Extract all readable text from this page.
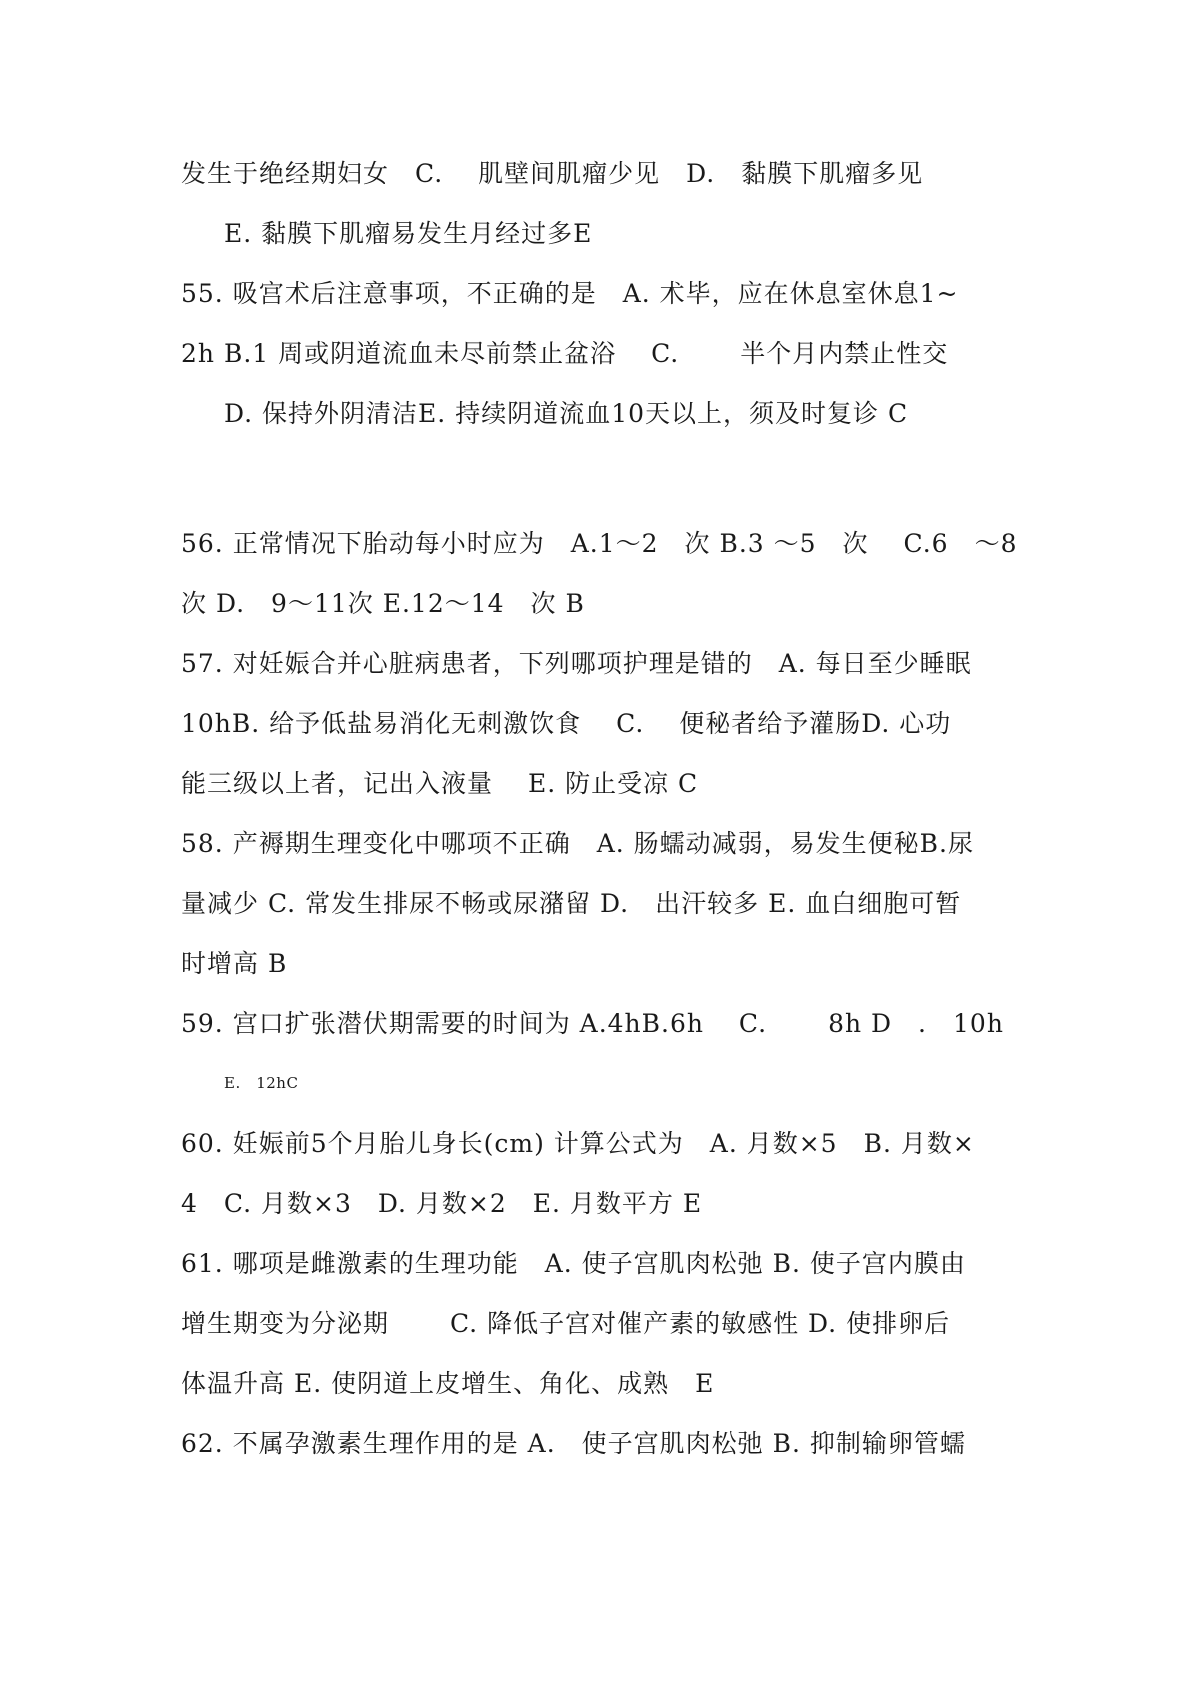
发生于绝经期妇女　C.　 肌壁间肌瘤少见　D.　黏膜下肌瘤多见
E. 黏膜下肌瘤易发生月经过多E
55. 吸宫术后注意事项，不正确的是　A. 术毕，应在休息室休息1~
2h B.1 周或阴道流血未尽前禁止盆浴　 C.　　 半个月内禁止性交
D. 保持外阴清洁E. 持续阴道流血10天以上，须及时复诊 C
56. 正常情况下胎动每小时应为　A.1～2　次 B.3 ～5　次　 C.6　～8
次 D.　9～11次 E.12～14　次 B
57. 对妊娠合并心脏病患者，下列哪项护理是错的　A. 每日至少睡眠
10hB. 给予低盐易消化无刺激饮食　 C.　 便秘者给予灌肠D. 心功
能三级以上者，记出入液量　 E. 防止受凉 C
58. 产褥期生理变化中哪项不正确　A. 肠蠕动减弱，易发生便秘B.尿
量减少 C. 常发生排尿不畅或尿潴留 D.　出汗较多 E. 血白细胞可暂
时增高 B
59. 宫口扩张潜伏期需要的时间为 A.4hB.6h　 C.　　 8h D　.　10h
E.　12hC
60. 妊娠前5个月胎儿身长(cm) 计算公式为　A. 月数×5　B. 月数×
4　C. 月数×3　D. 月数×2　E. 月数平方 E
61. 哪项是雌激素的生理功能　A. 使子宫肌肉松弛 B. 使子宫内膜由
增生期变为分泌期　　 C. 降低子宫对催产素的敏感性 D. 使排卵后
体温升高 E. 使阴道上皮增生、角化、成熟　E
62. 不属孕激素生理作用的是 A.　使子宫肌肉松弛 B. 抑制输卵管蠕
